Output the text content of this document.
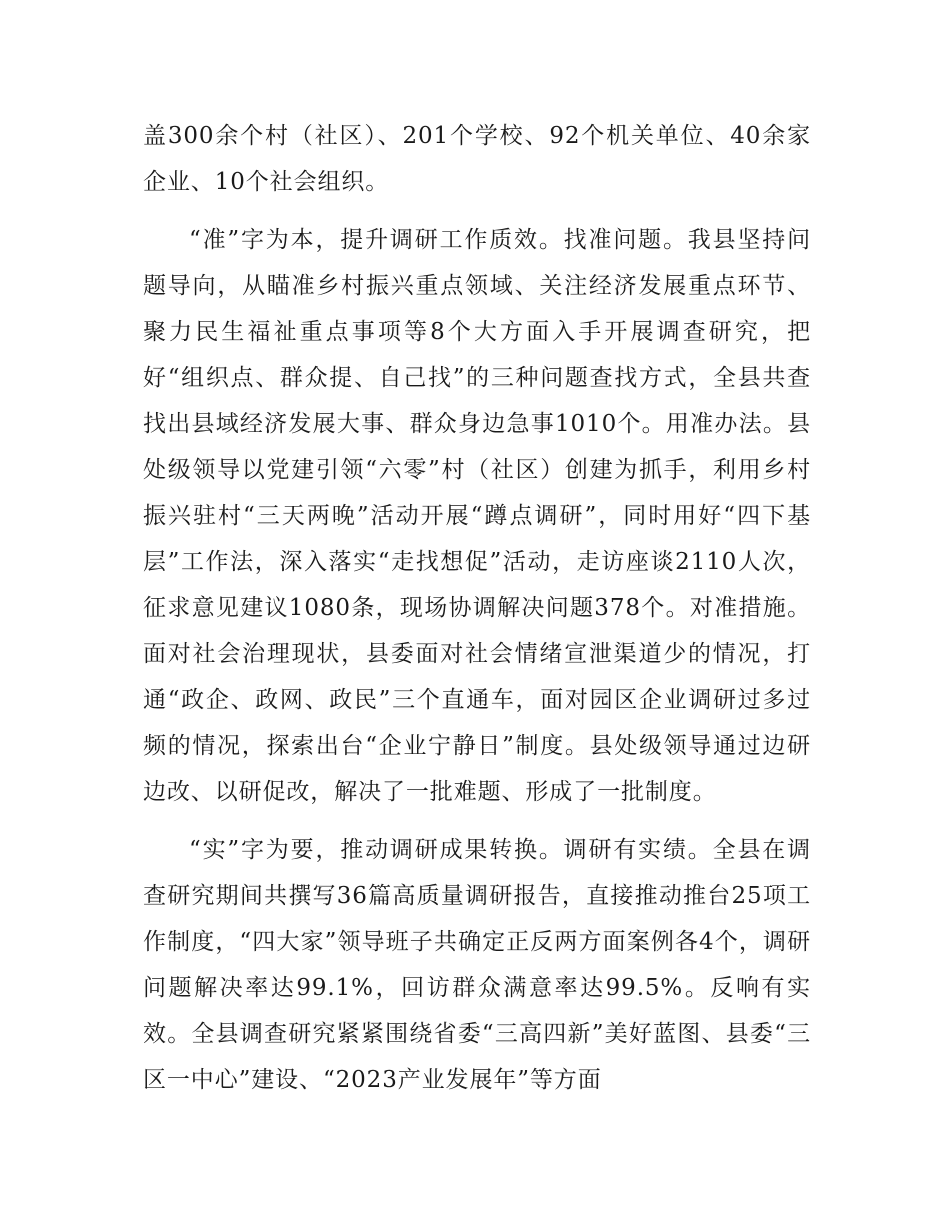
盖300余个村（社区）、201个学校、92个机关单位、40余家企业、10个社会组织。

“准”字为本，提升调研工作质效。找准问题。我县坚持问题导向，从瞄准乡村振兴重点领域、关注经济发展重点环节、聚力民生福祉重点事项等8个大方面入手开展调查研究，把好“组织点、群众提、自己找”的三种问题查找方式，全县共查找出县域经济发展大事、群众身边急事1010个。用准办法。县处级领导以党建引领“六零”村（社区）创建为抓手，利用乡村振兴驻村“三天两晚”活动开展“蹲点调研”，同时用好“四下基层”工作法，深入落实“走找想促”活动，走访座谈2110人次，征求意见建议1080条，现场协调解决问题378个。对准措施。面对社会治理现状，县委面对社会情绪宣泄渠道少的情况，打通“政企、政网、政民”三个直通车，面对园区企业调研过多过频的情况，探索出台“企业宁静日”制度。县处级领导通过边研边改、以研促改，解决了一批难题、形成了一批制度。

“实”字为要，推动调研成果转换。调研有实绩。全县在调查研究期间共撰写36篇高质量调研报告，直接推动推台25项工作制度，“四大家”领导班子共确定正反两方面案例各4个，调研问题解决率达99.1%，回访群众满意率达99.5%。反响有实效。全县调查研究紧紧围绕省委“三高四新”美好蓝图、县委“三区一中心”建设、“2023产业发展年”等方面
